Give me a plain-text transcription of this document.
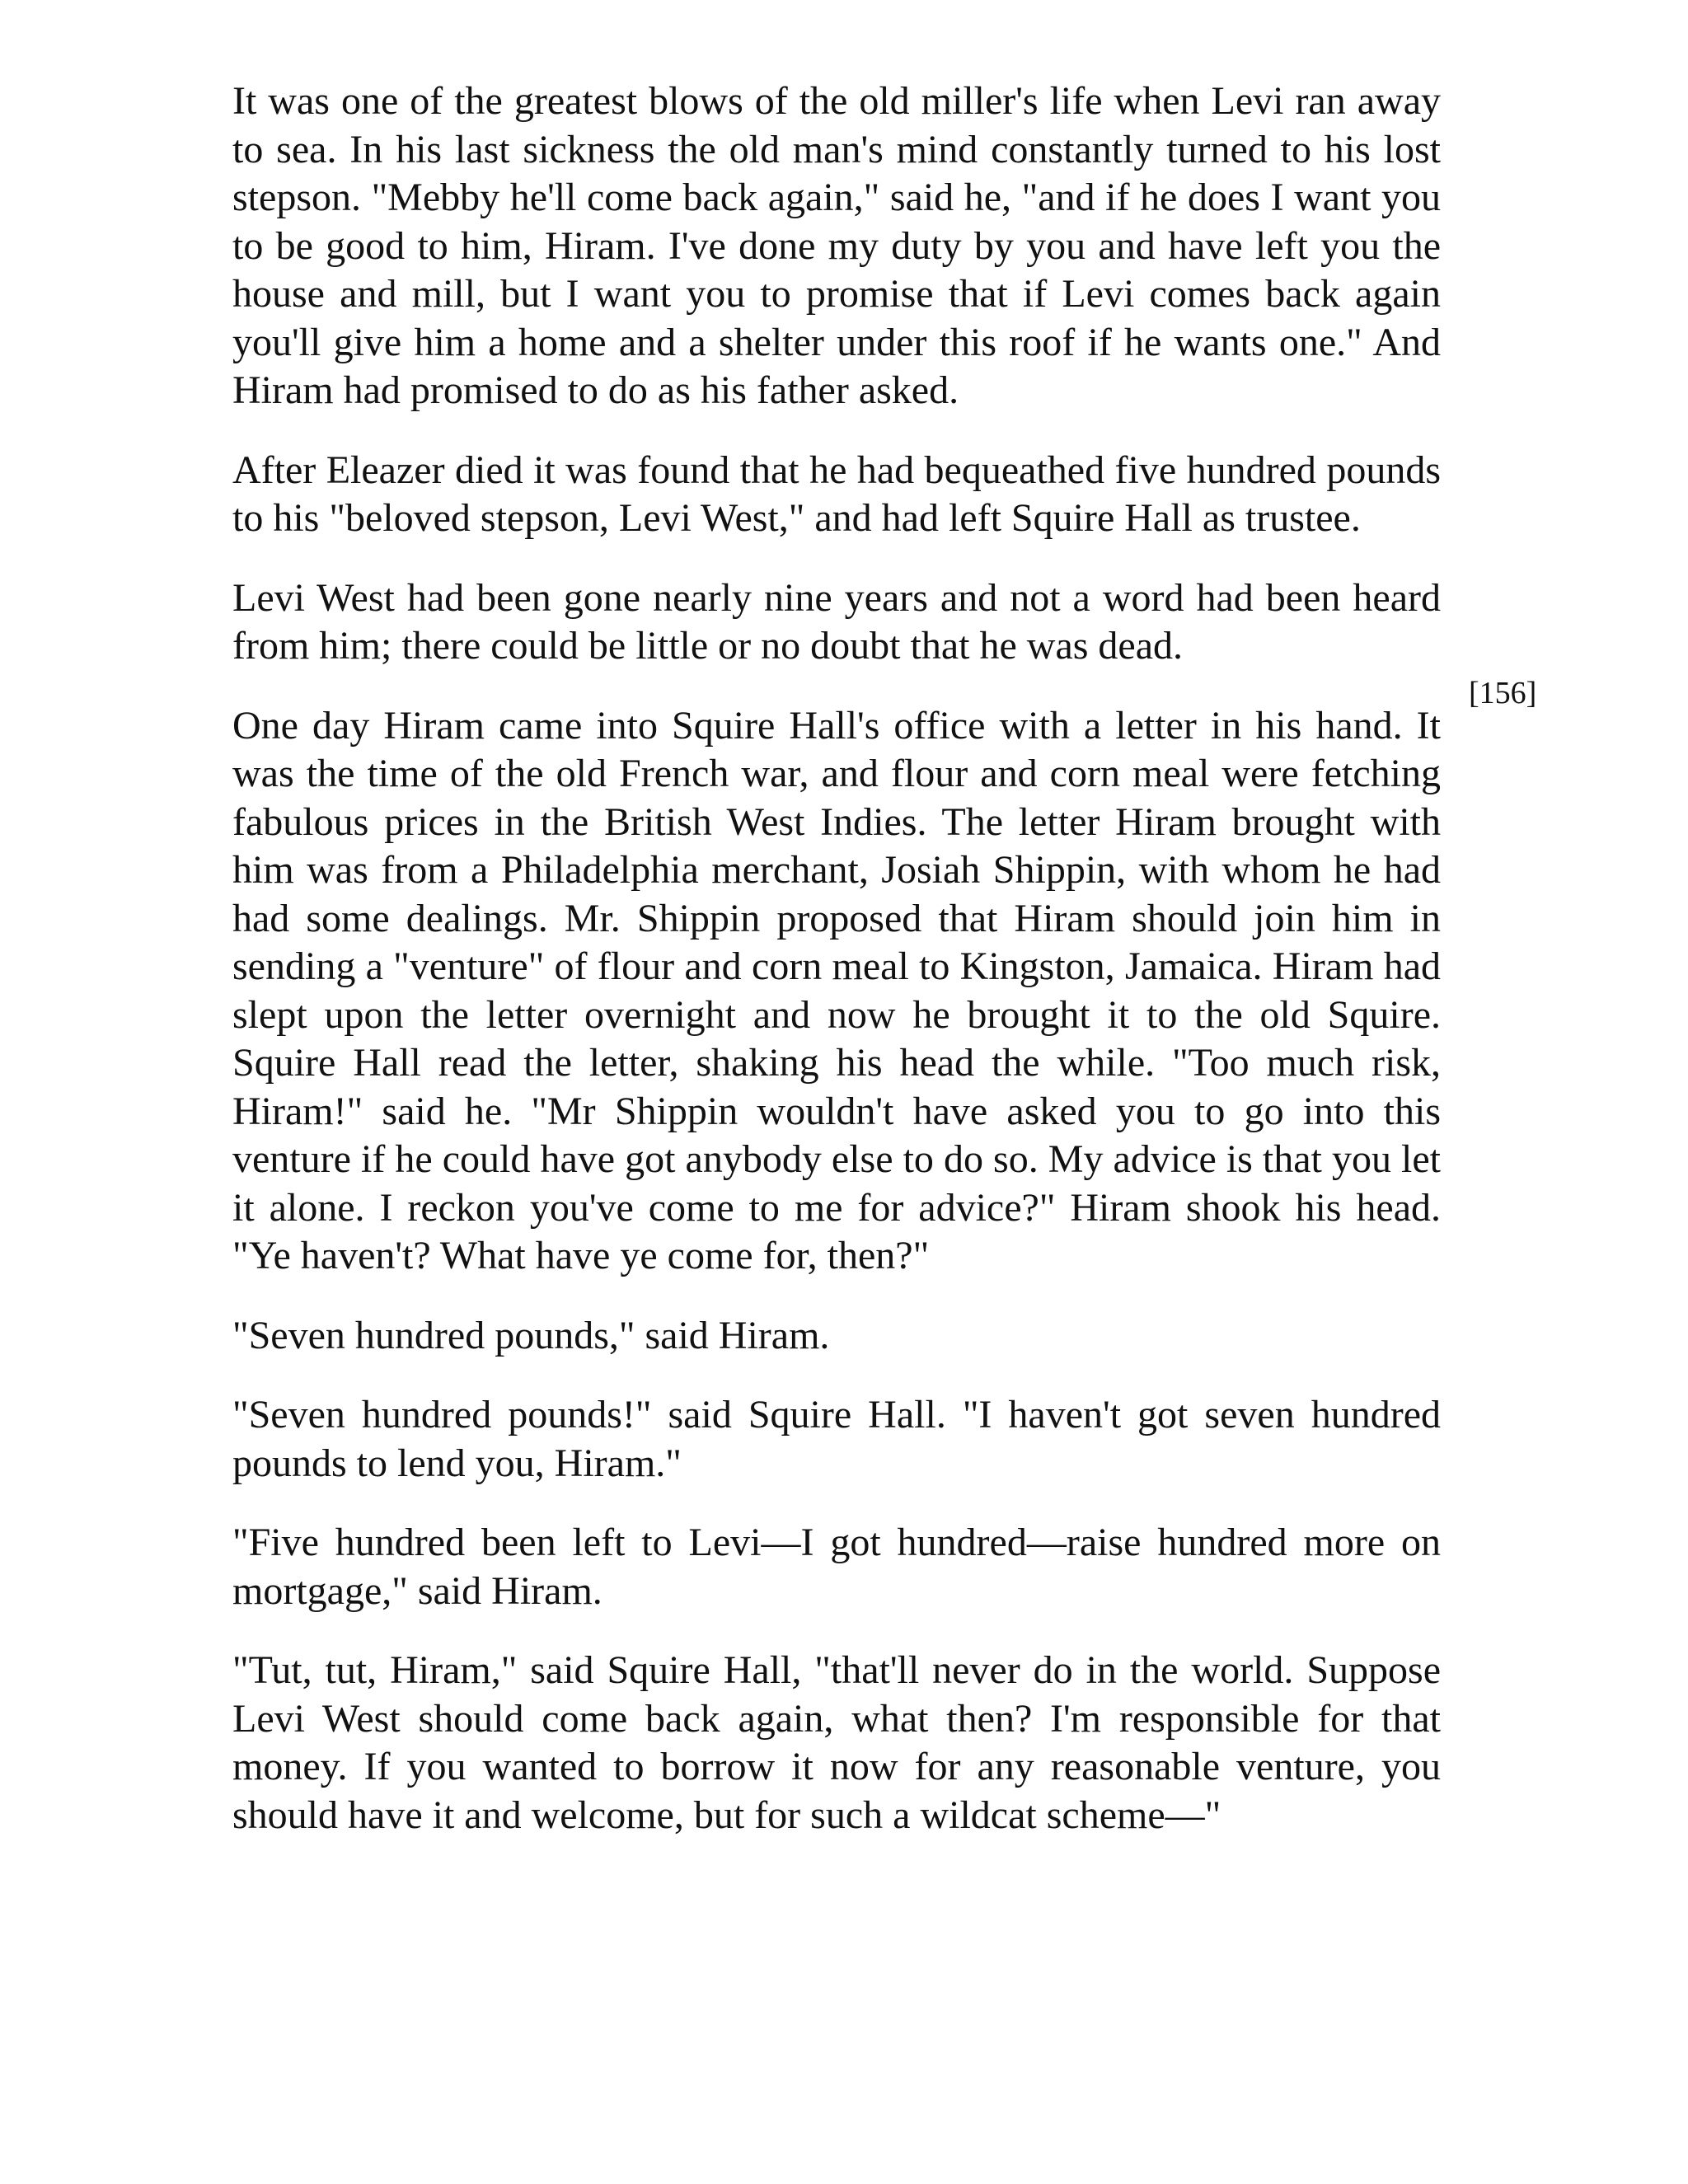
It was one of the greatest blows of the old miller's life when Levi ran away to sea. In his last sickness the old man's mind constantly turned to his lost stepson. "Mebby he'll come back again," said he, "and if he does I want you to be good to him, Hiram. I've done my duty by you and have left you the house and mill, but I want you to promise that if Levi comes back again you'll give him a home and a shelter under this roof if he wants one." And Hiram had promised to do as his father asked.

After Eleazer died it was found that he had bequeathed five hundred pounds to his "beloved stepson, Levi West," and had left Squire Hall as trustee.

Levi West had been gone nearly nine years and not a word had been heard from him; there could be little or no doubt that he was dead.

One day Hiram came into Squire Hall's office with a letter in his hand. It was the time of the old French war, and flour and corn meal were fetching fabulous prices in the British West Indies. The letter Hiram brought with him was from a Philadelphia merchant, Josiah Shippin, with whom he had had some dealings. Mr. Shippin proposed that Hiram should join him in sending a "venture" of flour and corn meal to Kingston, Jamaica. Hiram had slept upon the letter overnight and now he brought it to the old Squire. Squire Hall read the letter, shaking his head the while. "Too much risk, Hiram!" said he. "Mr Shippin wouldn't have asked you to go into this venture if he could have got anybody else to do so. My advice is that you let it alone. I reckon you've come to me for advice?" Hiram shook his head. "Ye haven't? What have ye come for, then?"

"Seven hundred pounds," said Hiram.

"Seven hundred pounds!" said Squire Hall. "I haven't got seven hundred pounds to lend you, Hiram."

"Five hundred been left to Levi—I got hundred—raise hundred more on mortgage," said Hiram.

"Tut, tut, Hiram," said Squire Hall, "that'll never do in the world. Suppose Levi West should come back again, what then? I'm responsible for that money. If you wanted to borrow it now for any reasonable venture, you should have it and welcome, but for such a wildcat scheme—"

[156]
